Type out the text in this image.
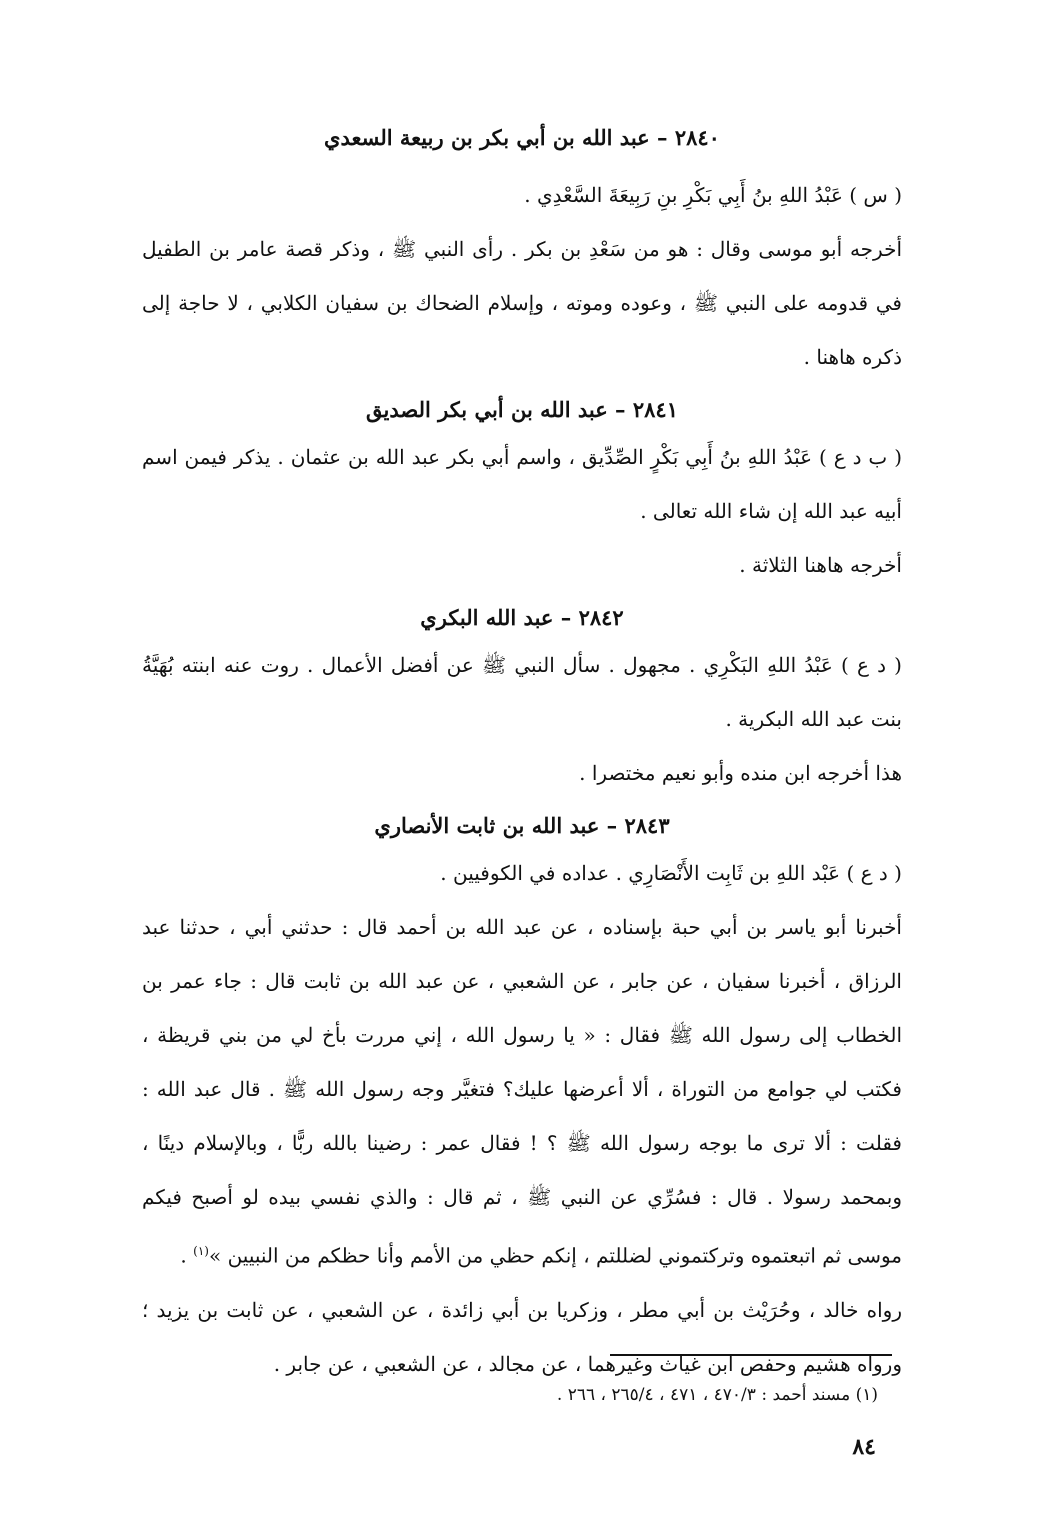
٢٨٤٠ – عبد الله بن أبي بكر بن ربيعة السعدي

( س ) عَبْدُ اللهِ بنُ أَبِي بَكْرِ بنِ رَبِيعَةَ السَّعْدِي .

أخرجه أبو موسى وقال : هو من سَعْدِ بن بكر . رأى النبي ﷺ ، وذكر قصة عامر بن الطفيل في قدومه على النبي ﷺ ، وعوده وموته ، وإسلام الضحاك بن سفيان الكلابي ، لا حاجة إلى ذكره هاهنا .

٢٨٤١ – عبد الله بن أبي بكر الصديق

( ب د ع ) عَبْدُ اللهِ بنُ أَبِي بَكْرٍ الصِّدِّيق ، واسم أبي بكر عبد الله بن عثمان . يذكر فيمن اسم أبيه عبد الله إن شاء الله تعالى .

أخرجه هاهنا الثلاثة .

٢٨٤٢ – عبد الله البكري

( د ع ) عَبْدُ اللهِ البَكْرِي . مجهول . سأل النبي ﷺ عن أفضل الأعمال . روت عنه ابنته بُهَيَّةُ بنت عبد الله البكرية .

هذا أخرجه ابن منده وأبو نعيم مختصرا .

٢٨٤٣ – عبد الله بن ثابت الأنصاري

( د ع ) عَبْد اللهِ بن ثَابِت الأَنْصَارِي . عداده في الكوفيين .

أخبرنا أبو ياسر بن أبي حبة بإسناده ، عن عبد الله بن أحمد قال : حدثني أبي ، حدثنا عبد الرزاق ، أخبرنا سفيان ، عن جابر ، عن الشعبي ، عن عبد الله بن ثابت قال : جاء عمر بن الخطاب إلى رسول الله ﷺ فقال : « يا رسول الله ، إني مررت بأخ لي من بني قريظة ، فكتب لي جوامع من التوراة ، ألا أعرضها عليك؟ فتغيَّر وجه رسول الله ﷺ . قال عبد الله : فقلت : ألا ترى ما بوجه رسول الله ﷺ ؟ ! فقال عمر : رضينا بالله ربًّا ، وبالإسلام دينًا ، وبمحمد رسولا . قال : فسُرِّي عن النبي ﷺ ، ثم قال : والذي نفسي بيده لو أصبح فيكم موسى ثم اتبعتموه وتركتموني لضللتم ، إنكم حظي من الأمم وأنا حظكم من النبيين »$^{(١)}$ .

رواه خالد ، وحُرَيْث بن أبي مطر ، وزكريا بن أبي زائدة ، عن الشعبي ، عن ثابت بن يزيد ؛ ورواه هشيم وحفص ابن غياث وغيرهما ، عن مجالد ، عن الشعبي ، عن جابر .

(١) مسند أحمد : ٤٧٠/٣ ، ٤٧١ ، ٢٦٥/٤ ، ٢٦٦ .
٨٤
